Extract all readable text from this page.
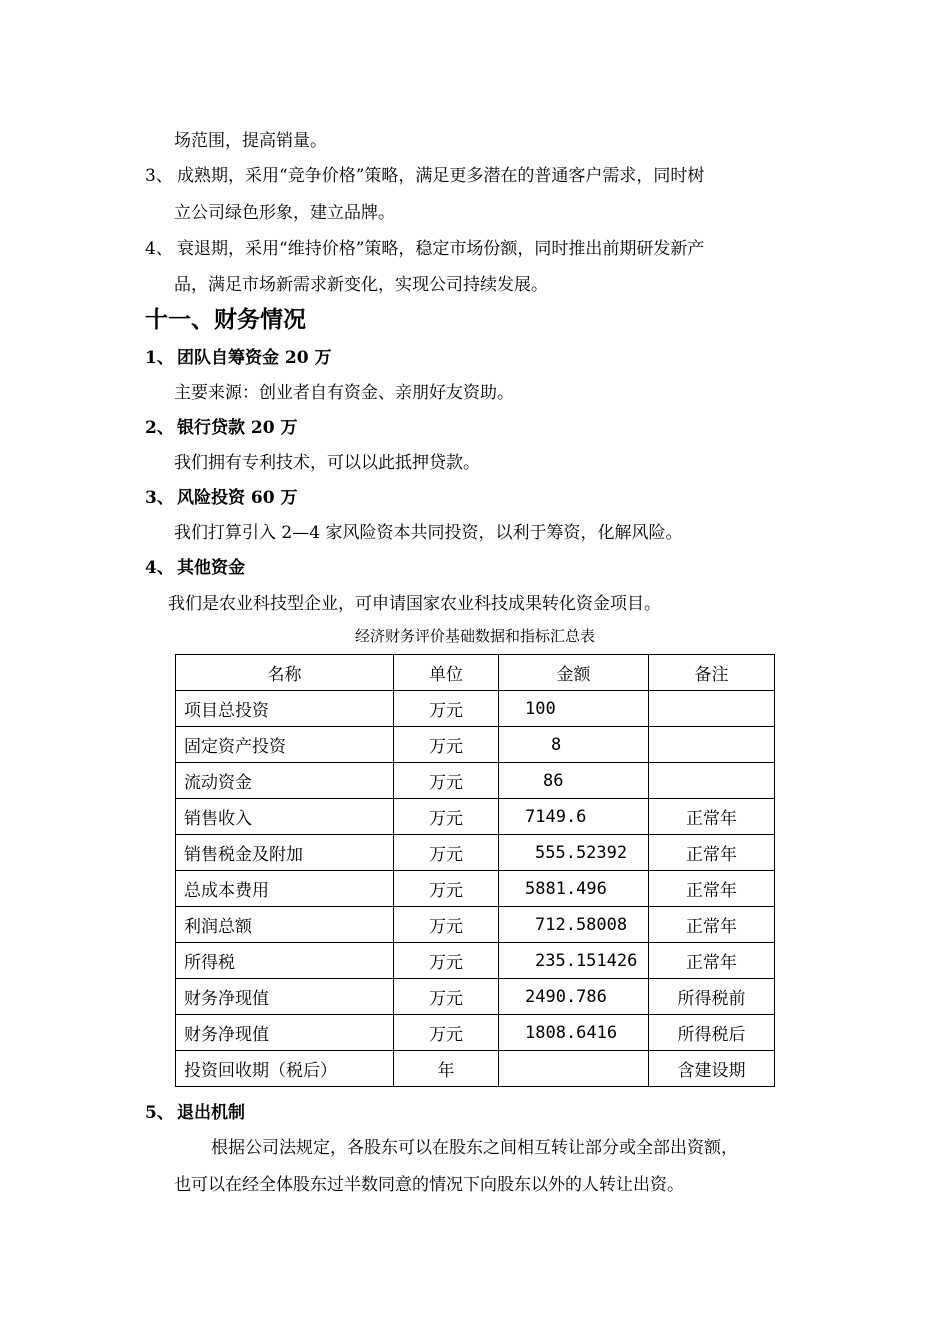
场范围，提高销量。
3、 成熟期，采用“竞争价格”策略，满足更多潜在的普通客户需求，同时树
立公司绿色形象，建立品牌。
4、 衰退期，采用“维持价格”策略，稳定市场份额，同时推出前期研发新产
品，满足市场新需求新变化，实现公司持续发展。
十一、财务情况
1、 团队自筹资金 20 万
主要来源：创业者自有资金、亲朋好友资助。
2、 银行贷款 20 万
我们拥有专利技术，可以以此抵押贷款。
3、 风险投资 60 万
我们打算引入 2—4 家风险资本共同投资，以利于筹资，化解风险。
4、 其他资金
我们是农业科技型企业，可申请国家农业科技成果转化资金项目。
经济财务评价基础数据和指标汇总表
名称	单位	金额	备注
项目总投资	万元	100	
固定资产投资	万元	8	
流动资金	万元	86	
销售收入	万元	7149.6	正常年
销售税金及附加	万元	555.52392	正常年
总成本费用	万元	5881.496	正常年
利润总额	万元	712.58008	正常年
所得税	万元	235.151426	正常年
财务净现值	万元	2490.786	所得税前
财务净现值	万元	1808.6416	所得税后
投资回收期（税后）	年		含建设期
5、 退出机制
根据公司法规定，各股东可以在股东之间相互转让部分或全部出资额，
也可以在经全体股东过半数同意的情况下向股东以外的人转让出资。
